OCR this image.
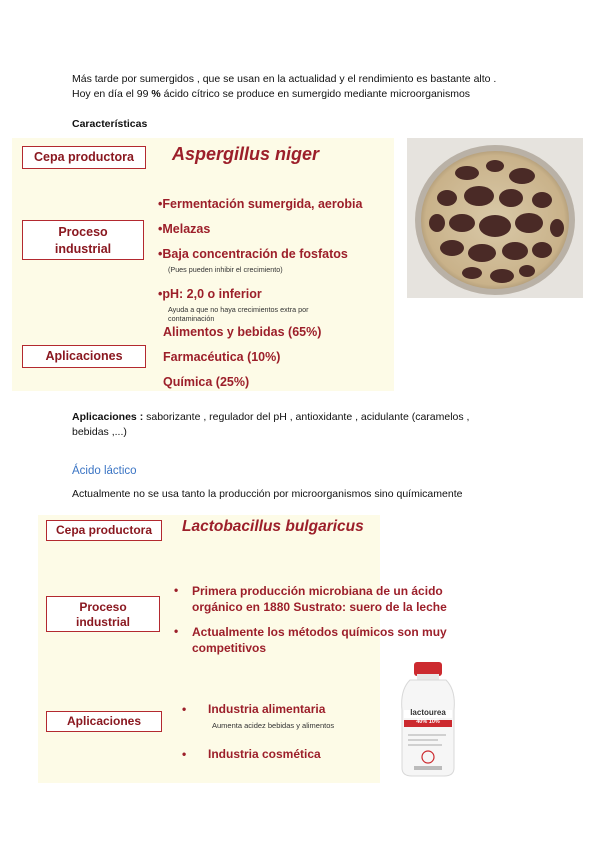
Más tarde por sumergidos , que se usan en la actualidad y el rendimiento es bastante alto .
Hoy en día el 99 % ácido cítrico se produce en sumergido mediante microorganismos
Características
Cepa productora	Aspergillus niger
Proceso
industrial
•Fermentación sumergida, aerobia
•Melazas
•Baja concentración de fosfatos
(Pues pueden inhibir el crecimiento)
•pH: 2,0 o inferior
Ayuda a que no haya crecimientos extra por
contaminación
Aplicaciones
Alimentos y bebidas (65%)
Farmacéutica (10%)
Química (25%)
Aplicaciones : saborizante , regulador del pH , antioxidante , acidulante (caramelos ,
bebidas ,...)
Ácido láctico
Actualmente no se usa tanto la producción por microorganismos sino químicamente
Cepa productora	Lactobacillus bulgaricus
Proceso
industrial
• Primera producción microbiana de un ácido
orgánico en 1880 Sustrato: suero de la leche
• Actualmente los métodos químicos son muy
competitivos
Aplicaciones
• Industria alimentaria
Aumenta acidez bebidas y alimentos
• Industria cosmética
lactourea
40% 10%
